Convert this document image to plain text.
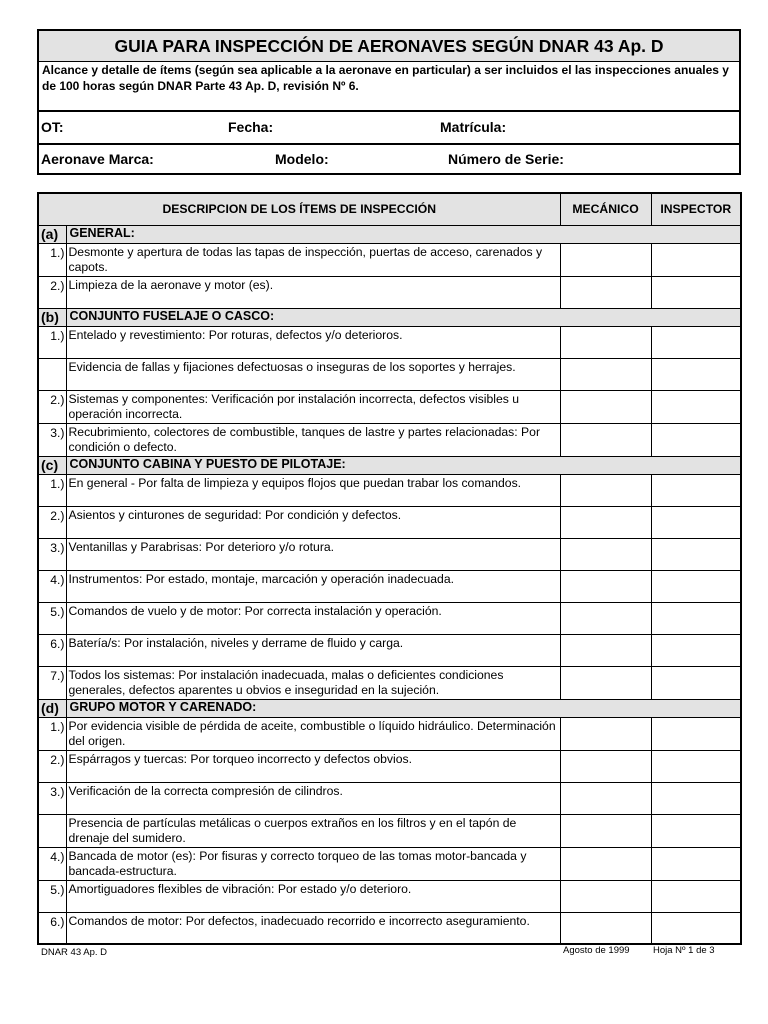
GUIA PARA INSPECCIÓN DE AERONAVES SEGÚN DNAR 43 Ap. D
Alcance y detalle de ítems (según sea aplicable a la aeronave en particular) a ser incluidos el las inspecciones anuales y de 100 horas según DNAR Parte 43 Ap. D, revisión Nº 6.
OT:	Fecha:	Matrícula:
Aeronave Marca:	Modelo:	Número de Serie:
DESCRIPCION DE LOS ÍTEMS DE INSPECCIÓN		MECÁNICO	INSPECTOR
(a)	GENERAL:		
1.)	Desmonte y apertura de todas las tapas de inspección, puertas de acceso, carenados y capots.		
2.)	Limpieza de la aeronave y motor (es).		
(b)	CONJUNTO FUSELAJE O CASCO:		
1.)	Entelado y revestimiento: Por roturas, defectos y/o deterioros.		
	Evidencia de fallas y fijaciones defectuosas o inseguras de los soportes y herrajes.		
2.)	Sistemas y componentes: Verificación por instalación incorrecta, defectos visibles u operación incorrecta.		
3.)	Recubrimiento, colectores de combustible, tanques de lastre y partes relacionadas: Por condición o defecto.		
(c)	CONJUNTO CABINA Y PUESTO DE PILOTAJE:		
1.)	En general - Por falta de limpieza y equipos flojos que puedan trabar los comandos.		
2.)	Asientos y cinturones de seguridad: Por condición y defectos.		
3.)	Ventanillas y Parabrisas: Por deterioro y/o rotura.		
4.)	Instrumentos: Por estado, montaje, marcación y operación inadecuada.		
5.)	Comandos de vuelo y de motor: Por correcta instalación y operación.		
6.)	Batería/s: Por instalación, niveles y derrame de fluido y carga.		
7.)	Todos los sistemas: Por instalación inadecuada, malas o deficientes condiciones generales, defectos aparentes u obvios e inseguridad en la sujeción.		
(d)	GRUPO MOTOR Y CARENADO:		
1.)	Por evidencia visible de pérdida de aceite, combustible o líquido hidráulico. Determinación del origen.		
2.)	Espárragos y tuercas: Por torqueo incorrecto y defectos obvios.		
3.)	Verificación de la correcta compresión de cilindros.		
	Presencia de partículas metálicas o cuerpos extraños en los filtros y en el tapón de drenaje del sumidero.		
4.)	Bancada de motor (es): Por fisuras y correcto torqueo de las tomas motor-bancada y bancada-estructura.		
5.)	Amortiguadores flexibles de vibración: Por estado y/o deterioro.		
6.)	Comandos de motor: Por defectos, inadecuado recorrido e incorrecto aseguramiento.		
DNAR 43 Ap. D	Agosto de 1999	Hoja Nº 1 de 3
